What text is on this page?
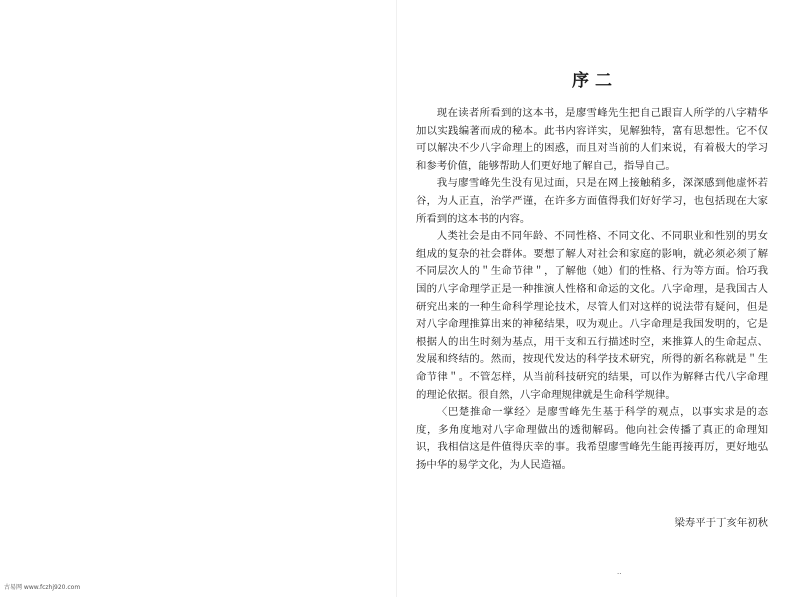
序二

现在读者所看到的这本书，是廖雪峰先生把自己跟盲人所学的八字精华加以实践编著而成的秘本。此书内容详实，见解独特，富有思想性。它不仅可以解决不少八字命理上的困惑，而且对当前的人们来说，有着极大的学习和参考价值，能够帮助人们更好地了解自己，指导自己。

我与廖雪峰先生没有见过面，只是在网上接触稍多，深深感到他虚怀若谷，为人正直，治学严谨，在许多方面值得我们好好学习，也包括现在大家所看到的这本书的内容。

人类社会是由不同年龄、不同性格、不同文化、不同职业和性别的男女组成的复杂的社会群体。要想了解人对社会和家庭的影响，就必须必须了解不同层次人的＂生命节律＂，了解他（她）们的性格、行为等方面。恰巧我国的八字命理学正是一种推演人性格和命运的文化。八字命理，是我国古人研究出来的一种生命科学理论技术，尽管人们对这样的说法带有疑问，但是对八字命理推算出来的神秘结果，叹为观止。八字命理是我国发明的，它是根据人的出生时刻为基点，用干支和五行描述时空，来推算人的生命起点、发展和终结的。然而，按现代发达的科学技术研究，所得的新名称就是＂生命节律＂。不管怎样，从当前科技研究的结果，可以作为解释古代八字命理的理论依据。很自然，八字命理规律就是生命科学规律。

〈巴楚推命一掌经〉是廖雪峰先生基于科学的观点，以事实求是的态度，多角度地对八字命理做出的透彻解码。他向社会传播了真正的命理知识，我相信这是件值得庆幸的事。我希望廖雪峰先生能再接再厉，更好地弘扬中华的易学文化，为人民造福。

梁寿平于丁亥年初秋
··
古易网 www.fczhj920.com
